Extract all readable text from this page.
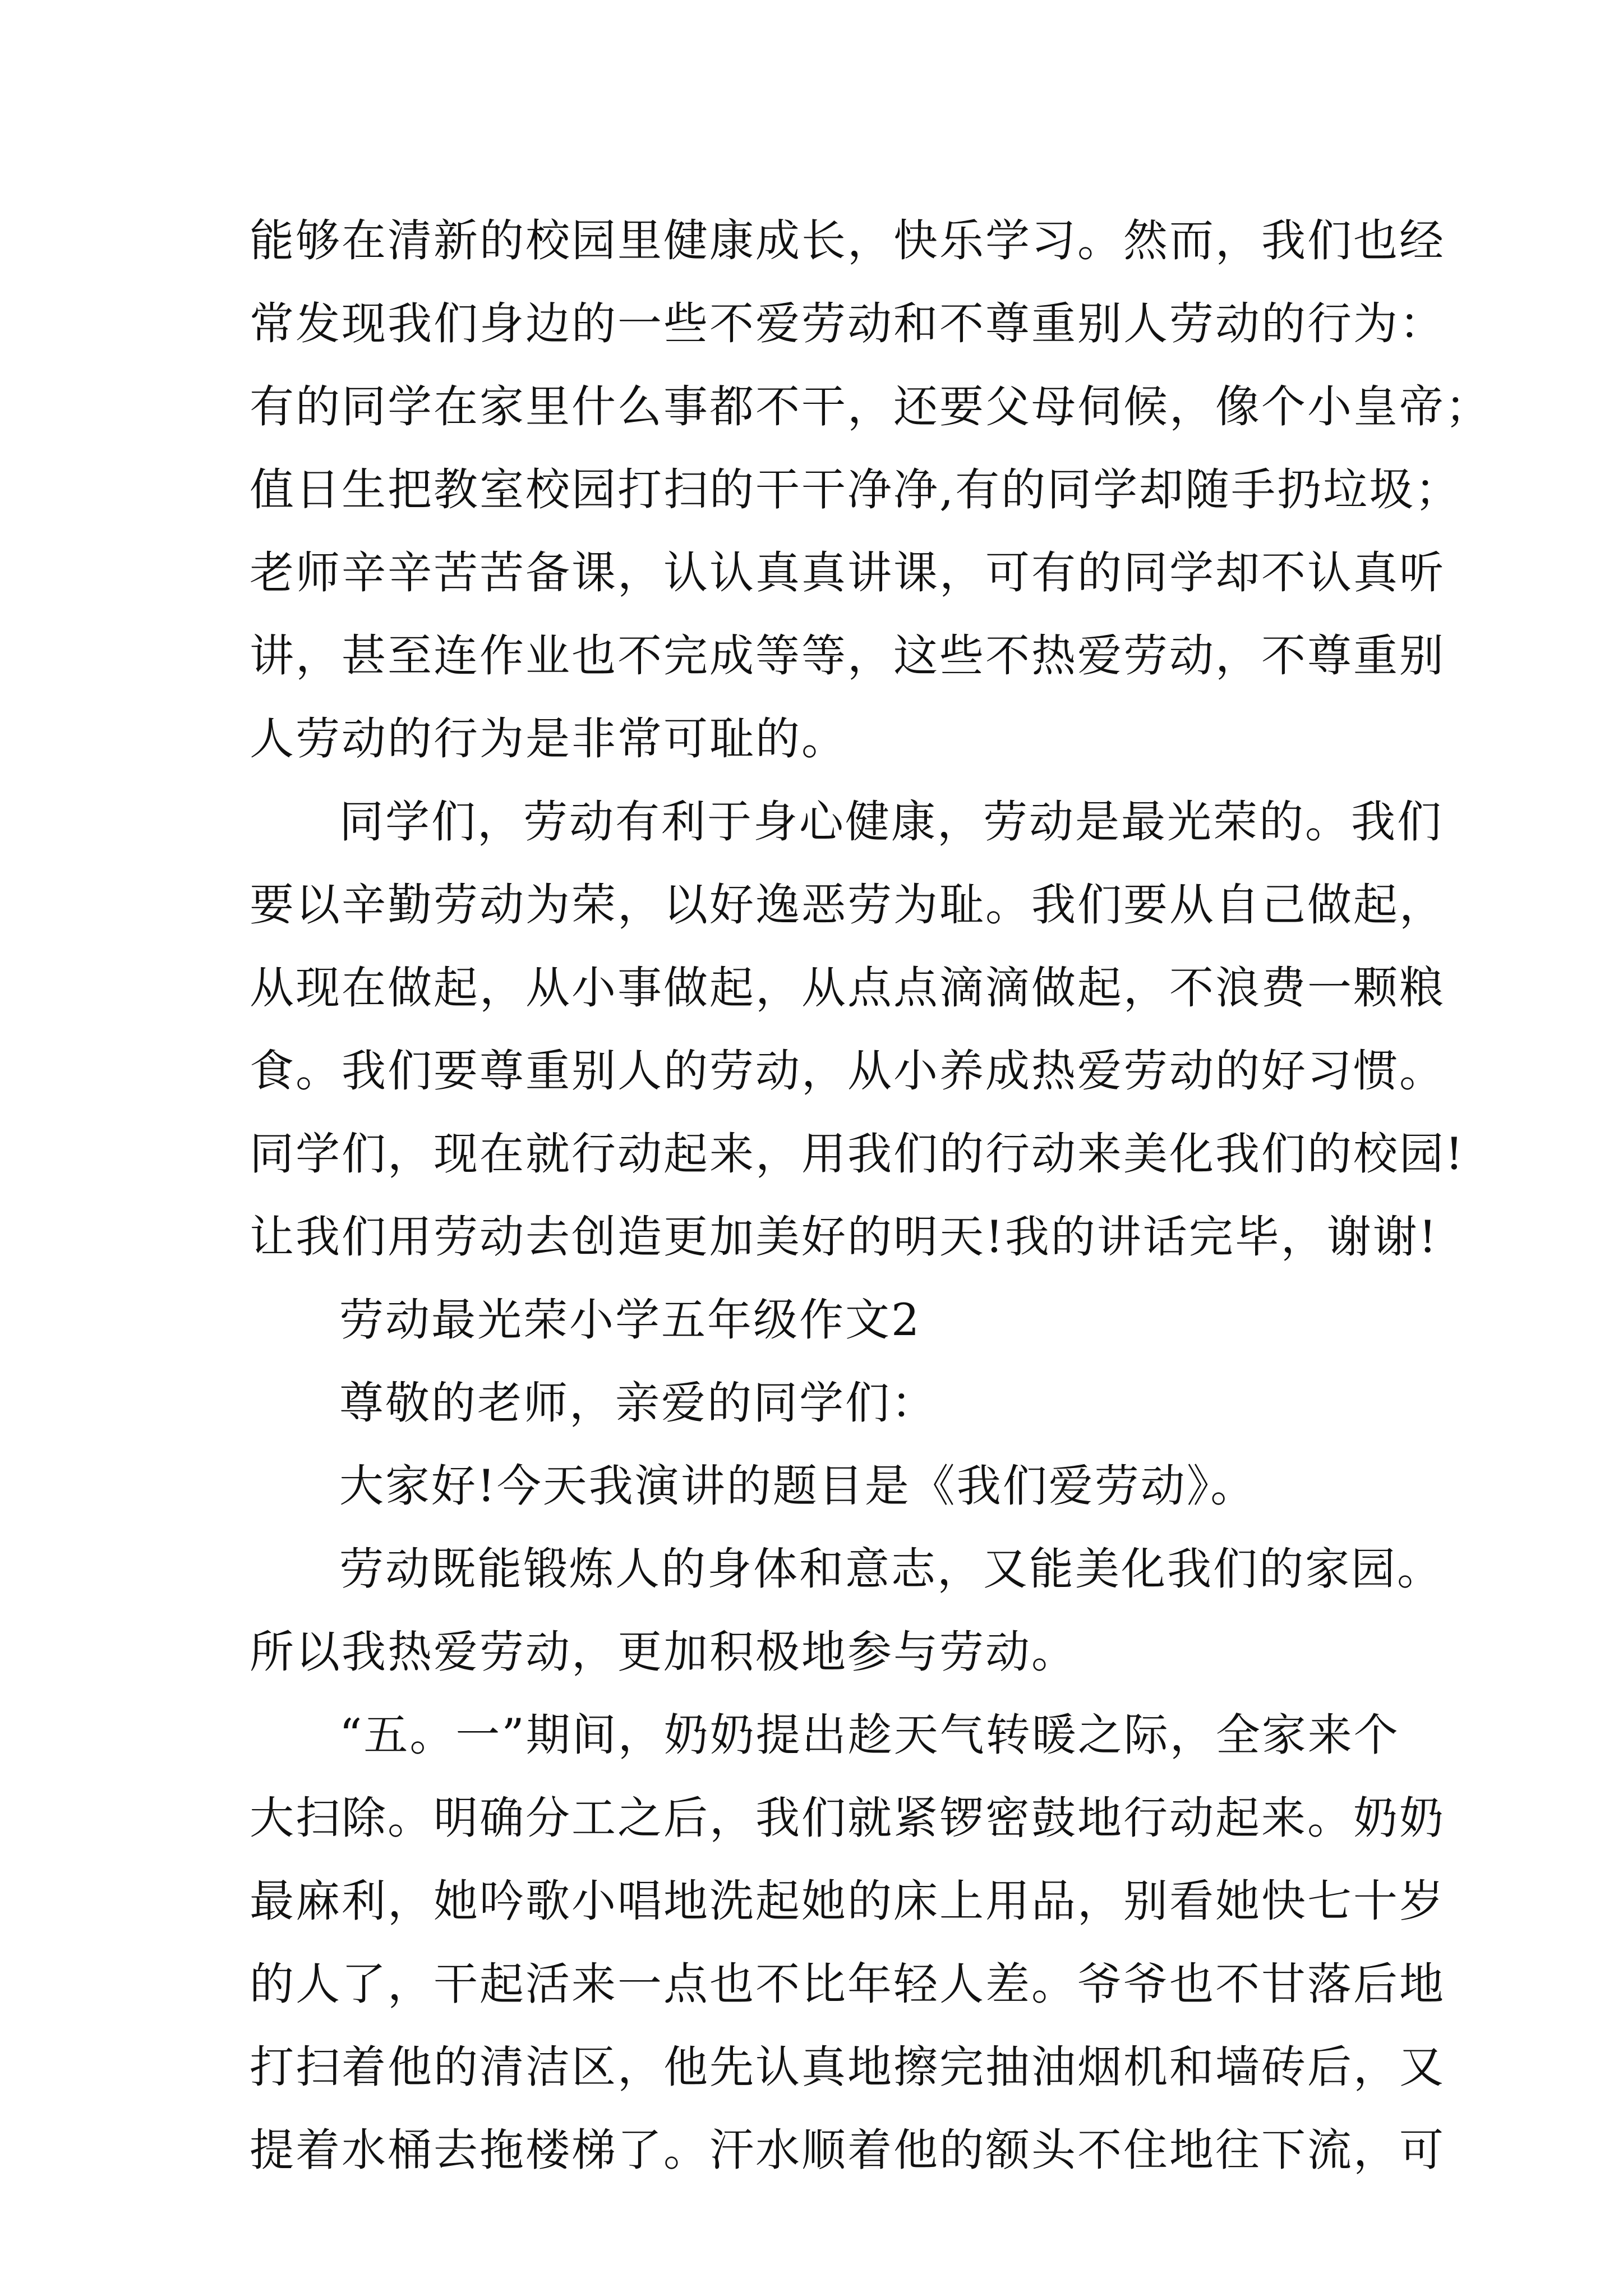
能够在清新的校园里健康成长，快乐学习。然而，我们也经
常发现我们身边的一些不爱劳动和不尊重别人劳动的行为：
有的同学在家里什么事都不干，还要父母伺候，像个小皇帝；
值日生把教室校园打扫的干干净净,有的同学却随手扔垃圾；
老师辛辛苦苦备课，认认真真讲课，可有的同学却不认真听
讲，甚至连作业也不完成等等，这些不热爱劳动，不尊重别
人劳动的行为是非常可耻的。
同学们，劳动有利于身心健康，劳动是最光荣的。我们
要以辛勤劳动为荣，以好逸恶劳为耻。我们要从自己做起，
从现在做起，从小事做起，从点点滴滴做起，不浪费一颗粮
食。我们要尊重别人的劳动，从小养成热爱劳动的好习惯。
同学们，现在就行动起来，用我们的行动来美化我们的校园!
让我们用劳动去创造更加美好的明天!我的讲话完毕，谢谢!
劳动最光荣小学五年级作文2
尊敬的老师，亲爱的同学们：
大家好!今天我演讲的题目是《我们爱劳动》。
劳动既能锻炼人的身体和意志，又能美化我们的家园。
所以我热爱劳动，更加积极地参与劳动。
“五。一”期间，奶奶提出趁天气转暖之际，全家来个
大扫除。明确分工之后，我们就紧锣密鼓地行动起来。奶奶
最麻利，她吟歌小唱地洗起她的床上用品，别看她快七十岁
的人了，干起活来一点也不比年轻人差。爷爷也不甘落后地
打扫着他的清洁区，他先认真地擦完抽油烟机和墙砖后，又
提着水桶去拖楼梯了。汗水顺着他的额头不住地往下流，可
